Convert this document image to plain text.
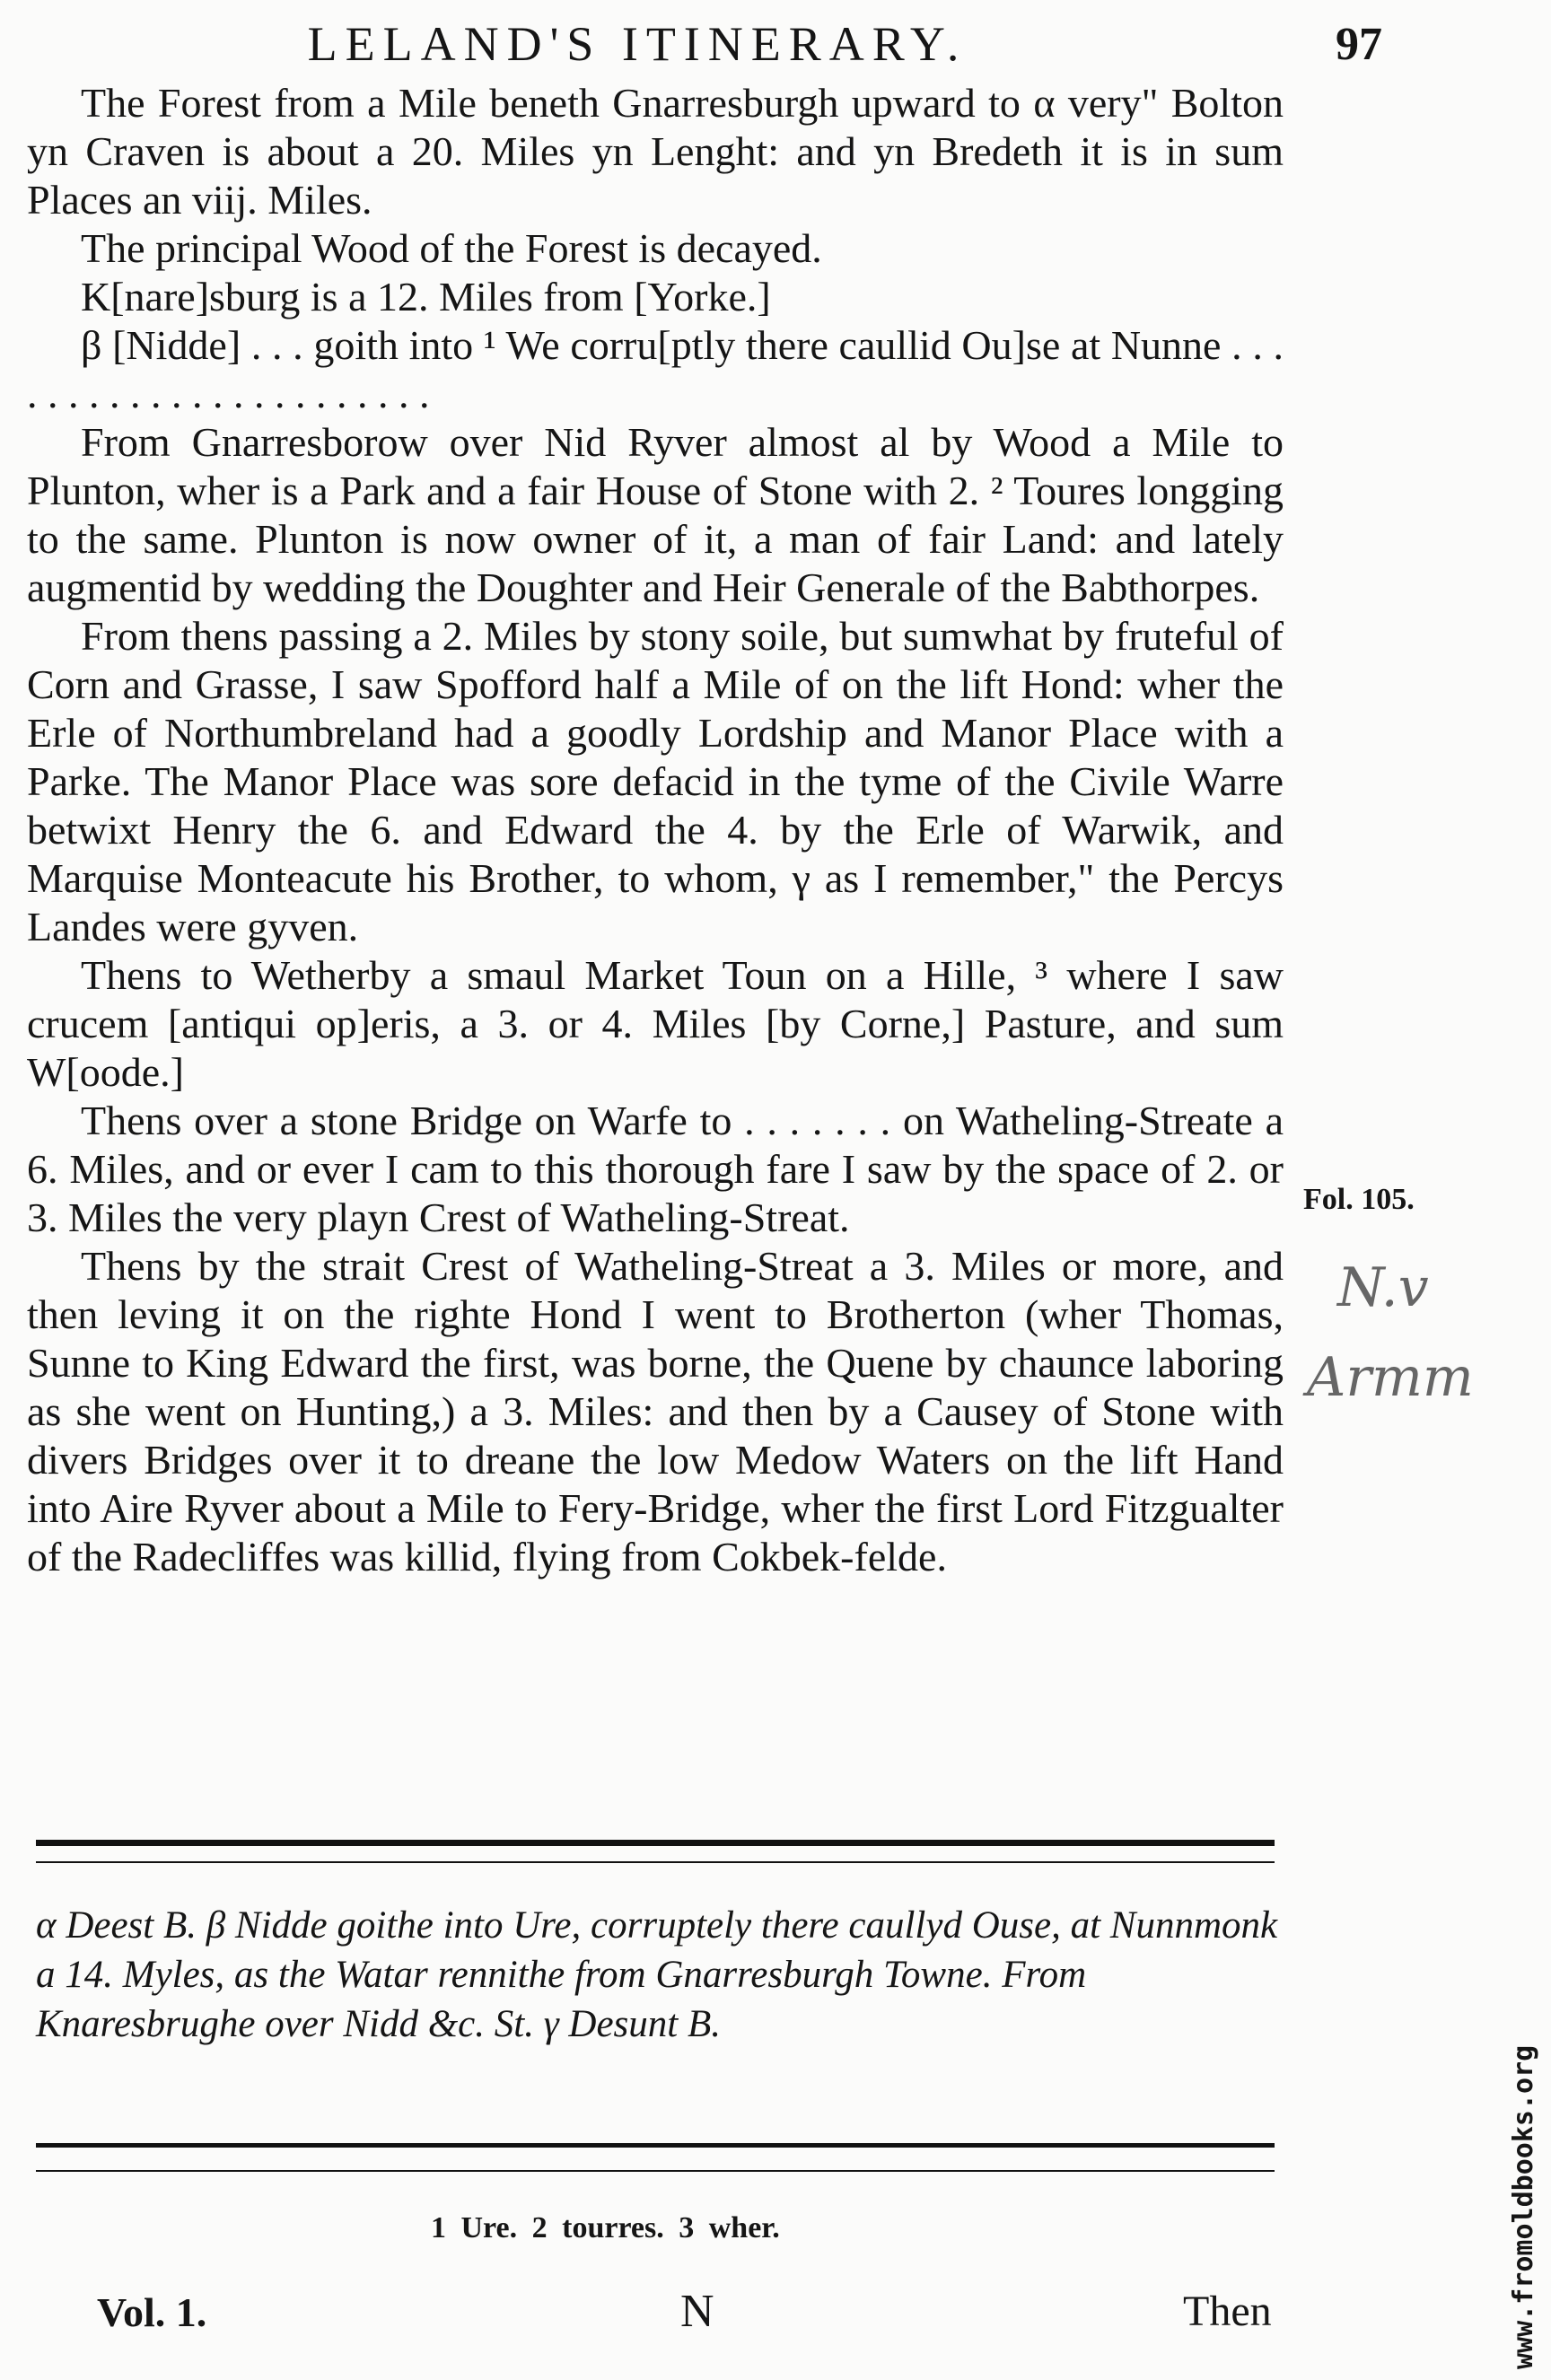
LELAND'S ITINERARY.	97

The Forest from a Mile beneth Gnarresburgh upward to α very" Bolton yn Craven is about a 20. Miles yn Lenght: and yn Bredeth it is in sum Places an viij. Miles.

The principal Wood of the Forest is decayed.

K[nare]sburg is a 12. Miles from [Yorke.]

β [Nidde] . . . goith into ¹ We corru[ptly there caullid Ou]se at Nunne . . . . . . . . . . . . . . . . . . . . . . .

From Gnarresborow over Nid Ryver almost al by Wood a Mile to Plunton, wher is a Park and a fair House of Stone with 2. ² Toures longging to the same. Plunton is now owner of it, a man of fair Land: and lately augmentid by wedding the Doughter and Heir Generale of the Babthorpes.

From thens passing a 2. Miles by stony soile, but sumwhat by fruteful of Corn and Grasse, I saw Spofford half a Mile of on the lift Hond: wher the Erle of Northumbreland had a goodly Lordship and Manor Place with a Parke. The Manor Place was sore defacid in the tyme of the Civile Warre betwixt Henry the 6. and Edward the 4. by the Erle of Warwik, and Marquise Monteacute his Brother, to whom, γ as I remember," the Percys Landes were gyven.

Thens to Wetherby a smaul Market Toun on a Hille, ³ where I saw crucem [antiqui op]eris, a 3. or 4. Miles [by Corne,] Pasture, and sum W[oode.]

Thens over a stone Bridge on Warfe to . . . . . . . on Watheling-Streate a 6. Miles, and or ever I cam to this thorough fare I saw by the space of 2. or 3. Miles the very playn Crest of Watheling-Streat.

Thens by the strait Crest of Watheling-Streat a 3. Miles or more, and then leving it on the righte Hond I went to Brotherton (wher Thomas, Sunne to King Edward the first, was borne, the Quene by chaunce laboring as she went on Hunting,) a 3. Miles: and then by a Causey of Stone with divers Bridges over it to dreane the low Medow Waters on the lift Hand into Aire Ryver about a Mile to Fery-Bridge, wher the first Lord Fitzgualter of the Radecliffes was killid, flying from Cokbek-felde.

Fol. 105.
N.v
Armm
α Deest B. β Nidde goithe into Ure, corruptely there caullyd Ouse, at Nunnmonk a 14. Myles, as the Watar rennithe from Gnarresburgh Towne. From Knaresbrughe over Nidd &c. St. γ Desunt B.
1 Ure. 2 tourres. 3 wher.
Vol. 1.	N	Then	www.fromoldbooks.org
